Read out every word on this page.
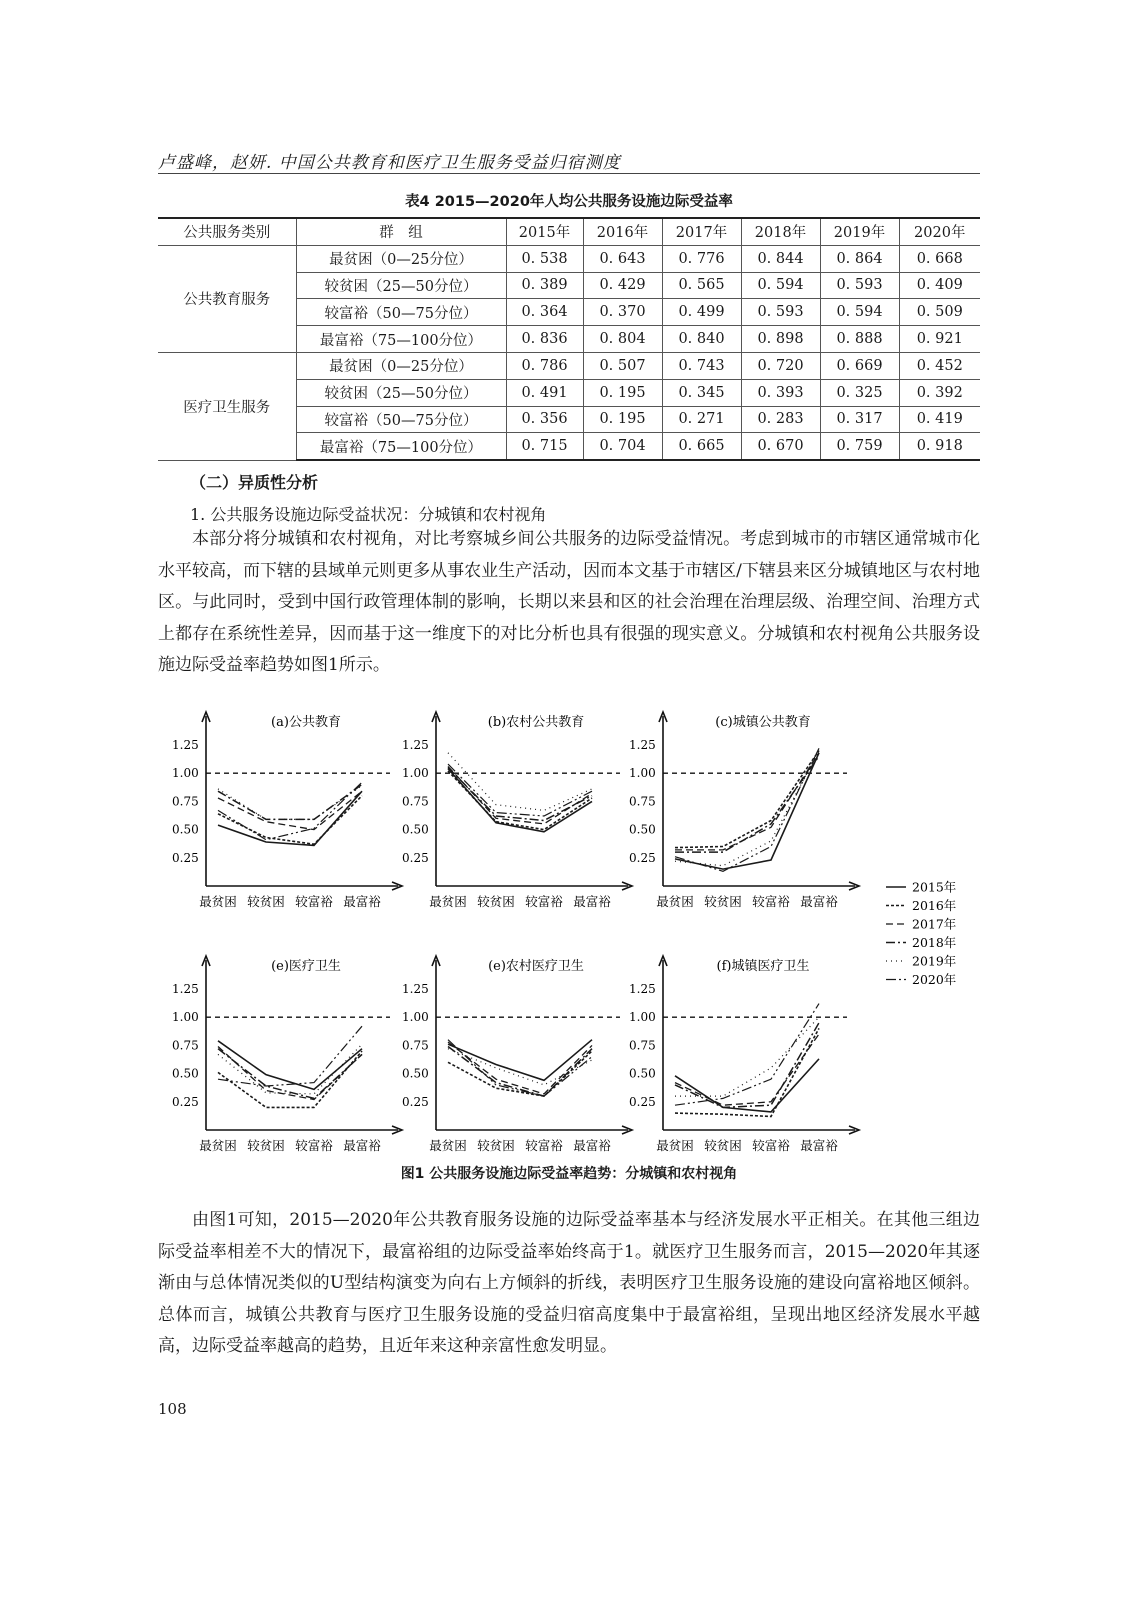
卢盛峰，赵妍. 中国公共教育和医疗卫生服务受益归宿测度
表4 2015—2020年人均公共服务设施边际受益率
公共服务类别	群　组	2015年	2016年	2017年	2018年	2019年	2020年
公共教育服务	最贫困（0—25分位）	0. 538	0. 643	0. 776	0. 844	0. 864	0. 668
	较贫困（25—50分位）	0. 389	0. 429	0. 565	0. 594	0. 593	0. 409
	较富裕（50—75分位）	0. 364	0. 370	0. 499	0. 593	0. 594	0. 509
	最富裕（75—100分位）	0. 836	0. 804	0. 840	0. 898	0. 888	0. 921
医疗卫生服务	最贫困（0—25分位）	0. 786	0. 507	0. 743	0. 720	0. 669	0. 452
	较贫困（25—50分位）	0. 491	0. 195	0. 345	0. 393	0. 325	0. 392
	较富裕（50—75分位）	0. 356	0. 195	0. 271	0. 283	0. 317	0. 419
	最富裕（75—100分位）	0. 715	0. 704	0. 665	0. 670	0. 759	0. 918
（二）异质性分析
1. 公共服务设施边际受益状况：分城镇和农村视角

本部分将分城镇和农村视角，对比考察城乡间公共服务的边际受益情况。考虑到城市的市辖区通常城市化水平较高，而下辖的县域单元则更多从事农业生产活动，因而本文基于市辖区/下辖县来区分城镇地区与农村地区。与此同时，受到中国行政管理体制的影响，长期以来县和区的社会治理在治理层级、治理空间、治理方式上都存在系统性差异，因而基于这一维度下的对比分析也具有很强的现实意义。分城镇和农村视角公共服务设施边际受益率趋势如图1所示。

0.25
0.50
0.75
1.00
1.25
(a)公共教育
最贫困 较贫困 较富裕 最富裕
0.25
0.50
0.75
1.00
1.25
(b)农村公共教育
最贫困 较贫困 较富裕 最富裕
0.25
0.50
0.75
1.00
1.25
(c)城镇公共教育
最贫困 较贫困 较富裕 最富裕
0.25
0.50
0.75
1.00
1.25
(e)医疗卫生
最贫困 较贫困 较富裕 最富裕
0.25
0.50
0.75
1.00
1.25
(e)农村医疗卫生
最贫困 较贫困 较富裕 最富裕
0.25
0.50
0.75
1.00
1.25
(f)城镇医疗卫生
最贫困 较贫困 较富裕 最富裕
2015年
2016年
2017年
2018年
2019年
2020年
图1 公共服务设施边际受益率趋势：分城镇和农村视角

由图1可知，2015—2020年公共教育服务设施的边际受益率基本与经济发展水平正相关。在其他三组边际受益率相差不大的情况下，最富裕组的边际受益率始终高于1。就医疗卫生服务而言，2015—2020年其逐渐由与总体情况类似的U型结构演变为向右上方倾斜的折线，表明医疗卫生服务设施的建设向富裕地区倾斜。总体而言，城镇公共教育与医疗卫生服务设施的受益归宿高度集中于最富裕组，呈现出地区经济发展水平越高，边际受益率越高的趋势，且近年来这种亲富性愈发明显。

108
